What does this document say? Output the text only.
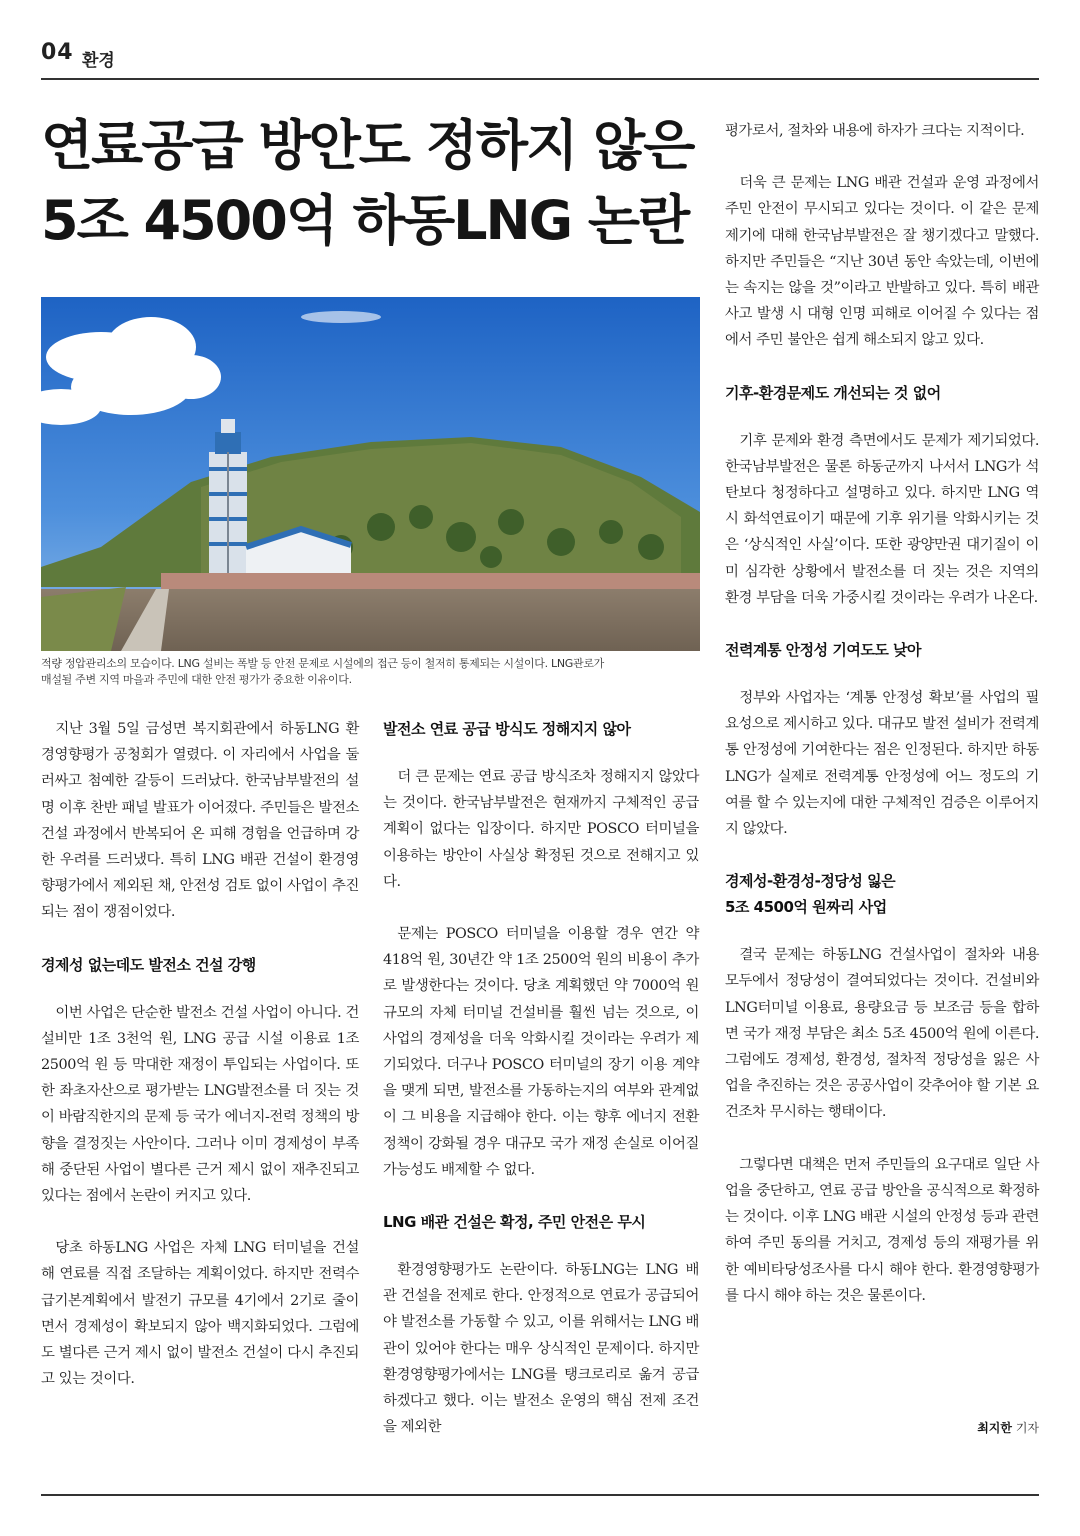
04 환경
연료공급 방안도 정하지 않은
5조 4500억 하동LNG 논란

적량 정압관리소의 모습이다. LNG 설비는 폭발 등 안전 문제로 시설에의 접근 등이 철저히 통제되는 시설이다. LNG관로가
매설될 주변 지역 마을과 주민에 대한 안전 평가가 중요한 이유이다.

지난 3월 5일 금성면 복지회관에서 하동LNG 환경영향평가 공청회가 열렸다. 이 자리에서 사업을 둘러싸고 첨예한 갈등이 드러났다. 한국남부발전의 설명 이후 찬반 패널 발표가 이어졌다. 주민들은 발전소 건설 과정에서 반복되어 온 피해 경험을 언급하며 강한 우려를 드러냈다. 특히 LNG 배관 건설이 환경영향평가에서 제외된 채, 안전성 검토 없이 사업이 추진되는 점이 쟁점이었다.

경제성 없는데도 발전소 건설 강행

이번 사업은 단순한 발전소 건설 사업이 아니다. 건설비만 1조 3천억 원, LNG 공급 시설 이용료 1조 2500억 원 등 막대한 재정이 투입되는 사업이다. 또한 좌초자산으로 평가받는 LNG발전소를 더 짓는 것이 바람직한지의 문제 등 국가 에너지-전력 정책의 방향을 결정짓는 사안이다. 그러나 이미 경제성이 부족해 중단된 사업이 별다른 근거 제시 없이 재추진되고 있다는 점에서 논란이 커지고 있다.

당초 하동LNG 사업은 자체 LNG 터미널을 건설해 연료를 직접 조달하는 계획이었다. 하지만 전력수급기본계획에서 발전기 규모를 4기에서 2기로 줄이면서 경제성이 확보되지 않아 백지화되었다. 그럼에도 별다른 근거 제시 없이 발전소 건설이 다시 추진되고 있는 것이다.

발전소 연료 공급 방식도 정해지지 않아

더 큰 문제는 연료 공급 방식조차 정해지지 않았다는 것이다. 한국남부발전은 현재까지 구체적인 공급 계획이 없다는 입장이다. 하지만 POSCO 터미널을 이용하는 방안이 사실상 확정된 것으로 전해지고 있다.

문제는 POSCO 터미널을 이용할 경우 연간 약 418억 원, 30년간 약 1조 2500억 원의 비용이 추가로 발생한다는 것이다. 당초 계획했던 약 7000억 원 규모의 자체 터미널 건설비를 훨씬 넘는 것으로, 이 사업의 경제성을 더욱 악화시킬 것이라는 우려가 제기되었다. 더구나 POSCO 터미널의 장기 이용 계약을 맺게 되면, 발전소를 가동하는지의 여부와 관계없이 그 비용을 지급해야 한다. 이는 향후 에너지 전환 정책이 강화될 경우 대규모 국가 재정 손실로 이어질 가능성도 배제할 수 없다.

LNG 배관 건설은 확정, 주민 안전은 무시

환경영향평가도 논란이다. 하동LNG는 LNG 배관 건설을 전제로 한다. 안정적으로 연료가 공급되어야 발전소를 가동할 수 있고, 이를 위해서는 LNG 배관이 있어야 한다는 매우 상식적인 문제이다. 하지만 환경영향평가에서는 LNG를 탱크로리로 옮겨 공급하겠다고 했다. 이는 발전소 운영의 핵심 전제 조건을 제외한

평가로서, 절차와 내용에 하자가 크다는 지적이다.

더욱 큰 문제는 LNG 배관 건설과 운영 과정에서 주민 안전이 무시되고 있다는 것이다. 이 같은 문제 제기에 대해 한국남부발전은 잘 챙기겠다고 말했다. 하지만 주민들은 “지난 30년 동안 속았는데, 이번에는 속지는 않을 것”이라고 반발하고 있다. 특히 배관 사고 발생 시 대형 인명 피해로 이어질 수 있다는 점에서 주민 불안은 쉽게 해소되지 않고 있다.

기후-환경문제도 개선되는 것 없어

기후 문제와 환경 측면에서도 문제가 제기되었다. 한국남부발전은 물론 하동군까지 나서서 LNG가 석탄보다 청정하다고 설명하고 있다. 하지만 LNG 역시 화석연료이기 때문에 기후 위기를 악화시키는 것은 ‘상식적인 사실’이다. 또한 광양만권 대기질이 이미 심각한 상황에서 발전소를 더 짓는 것은 지역의 환경 부담을 더욱 가중시킬 것이라는 우려가 나온다.

전력계통 안정성 기여도도 낮아

정부와 사업자는 ‘계통 안정성 확보’를 사업의 필요성으로 제시하고 있다. 대규모 발전 설비가 전력계통 안정성에 기여한다는 점은 인정된다. 하지만 하동LNG가 실제로 전력계통 안정성에 어느 정도의 기여를 할 수 있는지에 대한 구체적인 검증은 이루어지지 않았다.

경제성-환경성-정당성 잃은
5조 4500억 원짜리 사업

결국 문제는 하동LNG 건설사업이 절차와 내용 모두에서 정당성이 결여되었다는 것이다. 건설비와 LNG터미널 이용료, 용량요금 등 보조금 등을 합하면 국가 재정 부담은 최소 5조 4500억 원에 이른다. 그럼에도 경제성, 환경성, 절차적 정당성을 잃은 사업을 추진하는 것은 공공사업이 갖추어야 할 기본 요건조차 무시하는 행태이다.

그렇다면 대책은 먼저 주민들의 요구대로 일단 사업을 중단하고, 연료 공급 방안을 공식적으로 확정하는 것이다. 이후 LNG 배관 시설의 안정성 등과 관련하여 주민 동의를 거치고, 경제성 등의 재평가를 위한 예비타당성조사를 다시 해야 한다. 환경영향평가를 다시 해야 하는 것은 물론이다.

최지한 기자
